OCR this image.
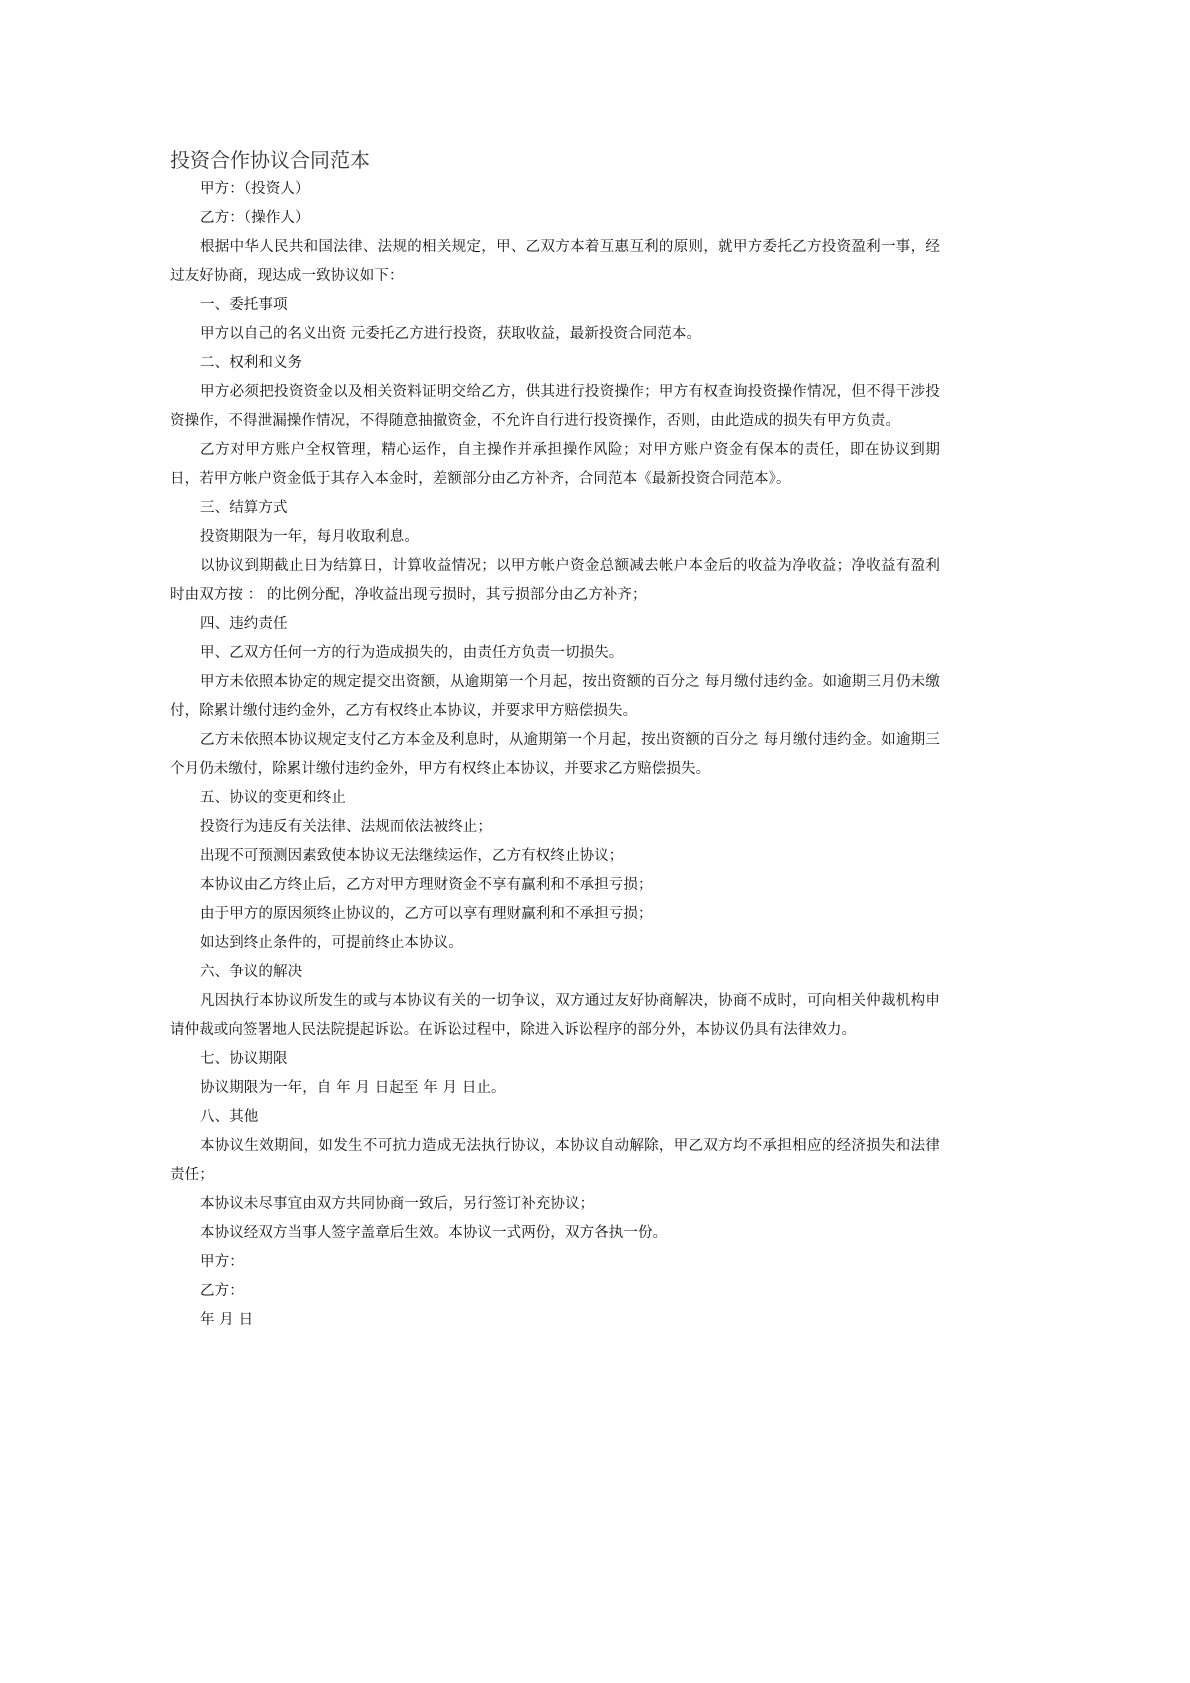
投资合作协议合同范本
甲方：（投资人）
乙方：（操作人）
根据中华人民共和国法律、法规的相关规定，甲、乙双方本着互惠互利的原则，就甲方委托乙方投资盈利一事，经过友好协商，现达成一致协议如下：
一、委托事项
甲方以自己的名义出资 元委托乙方进行投资，获取收益，最新投资合同范本。
二、权利和义务
甲方必须把投资资金以及相关资料证明交给乙方，供其进行投资操作；甲方有权查询投资操作情况，但不得干涉投资操作，不得泄漏操作情况，不得随意抽撤资金，不允许自行进行投资操作，否则，由此造成的损失有甲方负责。
乙方对甲方账户全权管理，精心运作，自主操作并承担操作风险；对甲方账户资金有保本的责任，即在协议到期日，若甲方帐户资金低于其存入本金时，差额部分由乙方补齐，合同范本《最新投资合同范本》。
三、结算方式
投资期限为一年，每月收取利息。
以协议到期截止日为结算日，计算收益情况；以甲方帐户资金总额减去帐户本金后的收益为净收益；净收益有盈利时由双方按 ： 的比例分配，净收益出现亏损时，其亏损部分由乙方补齐；
四、违约责任
甲、乙双方任何一方的行为造成损失的，由责任方负责一切损失。
甲方未依照本协定的规定提交出资额，从逾期第一个月起，按出资额的百分之 每月缴付违约金。如逾期三月仍未缴付，除累计缴付违约金外，乙方有权终止本协议，并要求甲方赔偿损失。
乙方未依照本协议规定支付乙方本金及利息时，从逾期第一个月起，按出资额的百分之 每月缴付违约金。如逾期三个月仍未缴付，除累计缴付违约金外，甲方有权终止本协议，并要求乙方赔偿损失。
五、协议的变更和终止
投资行为违反有关法律、法规而依法被终止；
出现不可预测因素致使本协议无法继续运作，乙方有权终止协议；
本协议由乙方终止后，乙方对甲方理财资金不享有赢利和不承担亏损；
由于甲方的原因须终止协议的，乙方可以享有理财赢利和不承担亏损；
如达到终止条件的，可提前终止本协议。
六、争议的解决
凡因执行本协议所发生的或与本协议有关的一切争议，双方通过友好协商解决，协商不成时，可向相关仲裁机构申请仲裁或向签署地人民法院提起诉讼。在诉讼过程中，除进入诉讼程序的部分外，本协议仍具有法律效力。
七、协议期限
协议期限为一年，自 年 月 日起至 年 月 日止。
八、其他
本协议生效期间，如发生不可抗力造成无法执行协议，本协议自动解除，甲乙双方均不承担相应的经济损失和法律责任；
本协议未尽事宜由双方共同协商一致后，另行签订补充协议；
本协议经双方当事人签字盖章后生效。本协议一式两份，双方各执一份。
甲方：
乙方：
年 月 日
